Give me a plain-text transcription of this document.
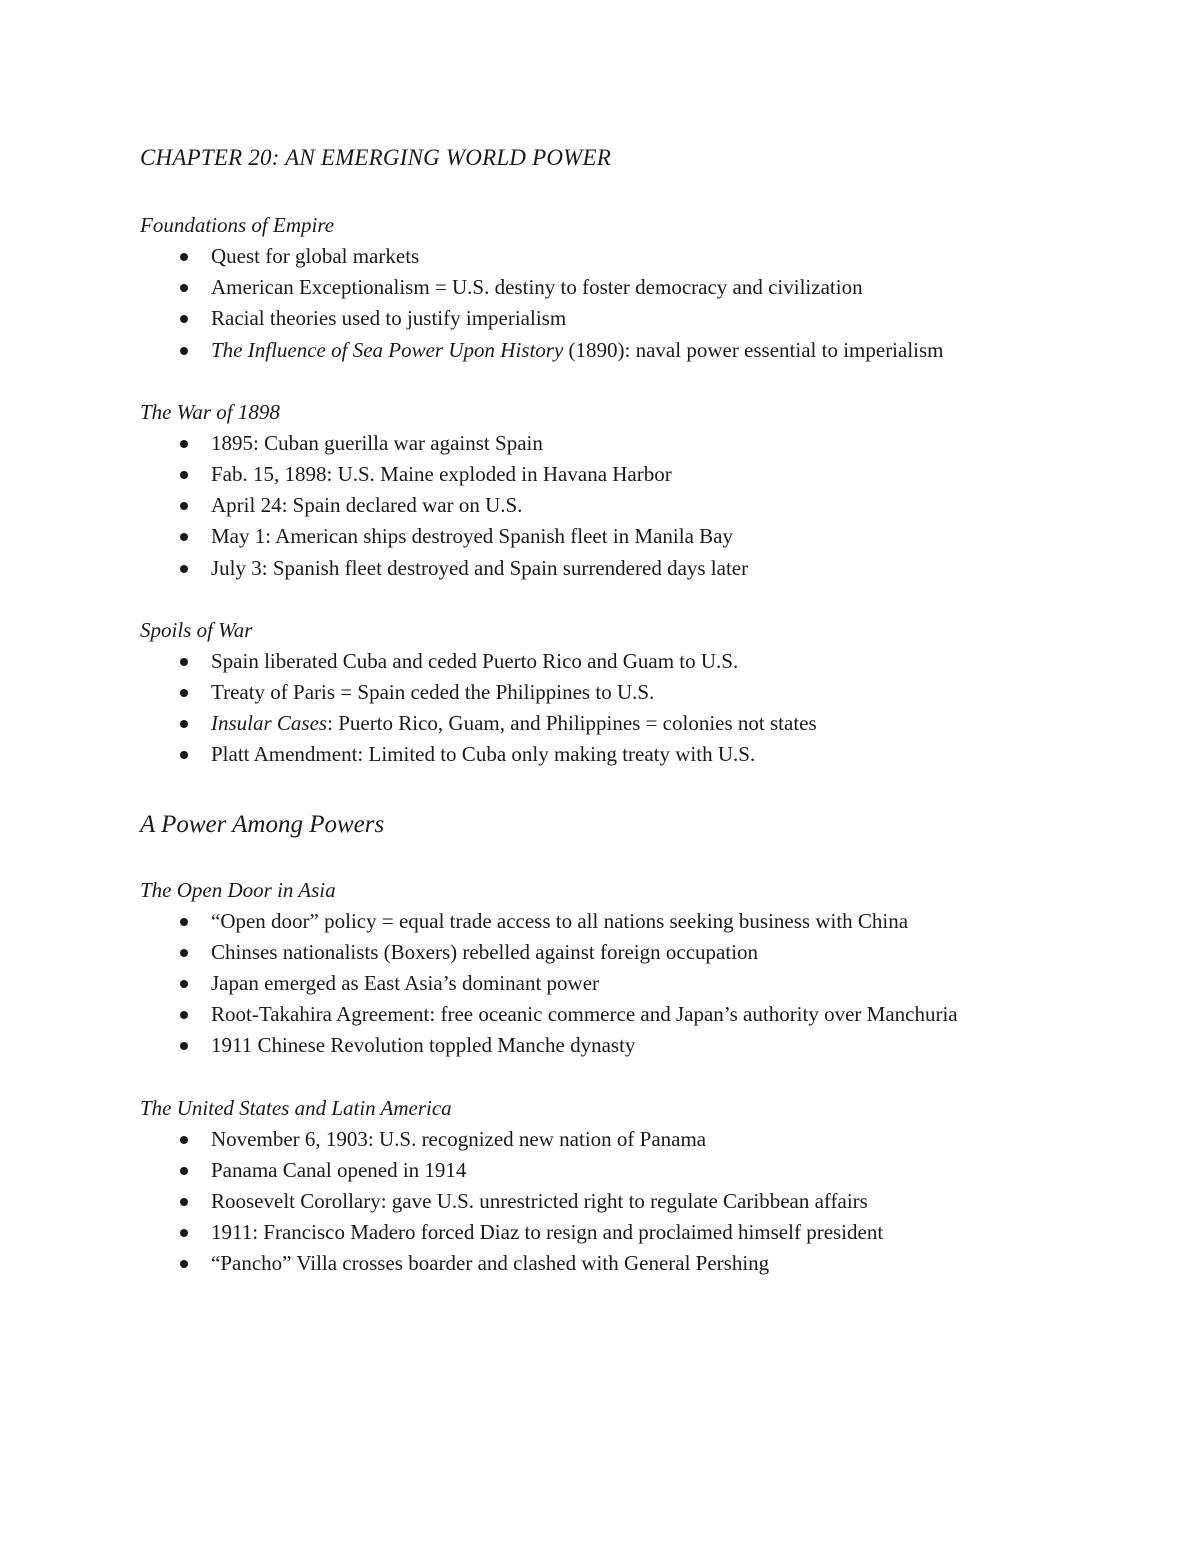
CHAPTER 20: AN EMERGING WORLD POWER
Foundations of Empire
Quest for global markets
American Exceptionalism = U.S. destiny to foster democracy and civilization
Racial theories used to justify imperialism
The Influence of Sea Power Upon History (1890): naval power essential to imperialism
The War of 1898
1895: Cuban guerilla war against Spain
Fab. 15, 1898: U.S. Maine exploded in Havana Harbor
April 24: Spain declared war on U.S.
May 1: American ships destroyed Spanish fleet in Manila Bay
July 3: Spanish fleet destroyed and Spain surrendered days later
Spoils of War
Spain liberated Cuba and ceded Puerto Rico and Guam to U.S.
Treaty of Paris = Spain ceded the Philippines to U.S.
Insular Cases: Puerto Rico, Guam, and Philippines = colonies not states
Platt Amendment: Limited to Cuba only making treaty with U.S.
A Power Among Powers
The Open Door in Asia
“Open door” policy = equal trade access to all nations seeking business with China
Chinses nationalists (Boxers) rebelled against foreign occupation
Japan emerged as East Asia’s dominant power
Root-Takahira Agreement: free oceanic commerce and Japan’s authority over Manchuria
1911 Chinese Revolution toppled Manche dynasty
The United States and Latin America
November 6, 1903: U.S. recognized new nation of Panama
Panama Canal opened in 1914
Roosevelt Corollary: gave U.S. unrestricted right to regulate Caribbean affairs
1911: Francisco Madero forced Diaz to resign and proclaimed himself president
“Pancho” Villa crosses boarder and clashed with General Pershing
